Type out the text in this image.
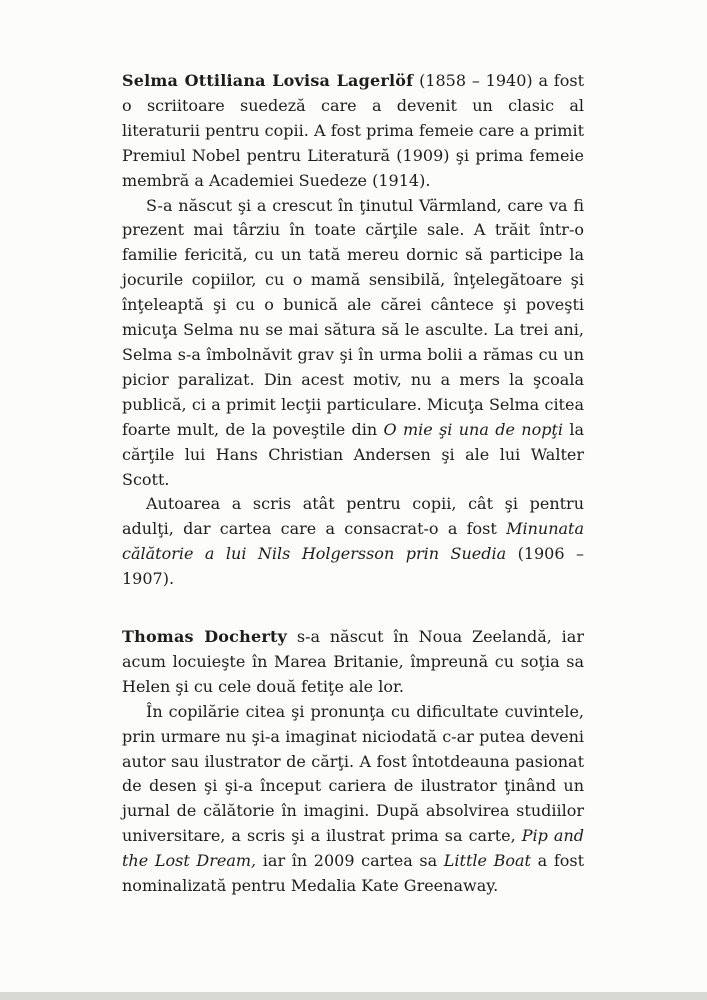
Selma Ottiliana Lovisa Lagerlöf (1858 – 1940) a fost o scriitoare suedeză care a devenit un clasic al literaturii pentru copii. A fost prima femeie care a primit Premiul Nobel pentru Literatură (1909) şi prima femeie membră a Academiei Suedeze (1914).

S-a născut şi a crescut în ţinutul Värmland, care va fi prezent mai târziu în toate cărţile sale. A trăit într-o familie fericită, cu un tată mereu dornic să participe la jocurile copiilor, cu o mamă sensibilă, înţelegătoare şi înţeleaptă şi cu o bunică ale cărei cântece şi poveşti micuţa Selma nu se mai sătura să le asculte. La trei ani, Selma s-a îmbolnăvit grav şi în urma bolii a rămas cu un picior paralizat. Din acest motiv, nu a mers la şcoala publică, ci a primit lecţii particulare. Micuţa Selma citea foarte mult, de la poveştile din O mie şi una de nopţi la cărţile lui Hans Christian Andersen şi ale lui Walter Scott.

Autoarea a scris atât pentru copii, cât şi pentru adulţi, dar cartea care a consacrat-o a fost Minunata călătorie a lui Nils Holgersson prin Suedia (1906 – 1907).

Thomas Docherty s-a născut în Noua Zeelandă, iar acum locuieşte în Marea Britanie, împreună cu soţia sa Helen şi cu cele două fetiţe ale lor.

În copilărie citea şi pronunţa cu dificultate cuvintele, prin urmare nu şi-a imaginat niciodată c-ar putea deveni autor sau ilustrator de cărţi. A fost întotdeauna pasionat de desen şi şi-a început cariera de ilustrator ţinând un jurnal de călătorie în imagini. După absolvirea studiilor universitare, a scris şi a ilustrat prima sa carte, Pip and the Lost Dream, iar în 2009 cartea sa Little Boat a fost nominalizată pentru Medalia Kate Greenaway.
